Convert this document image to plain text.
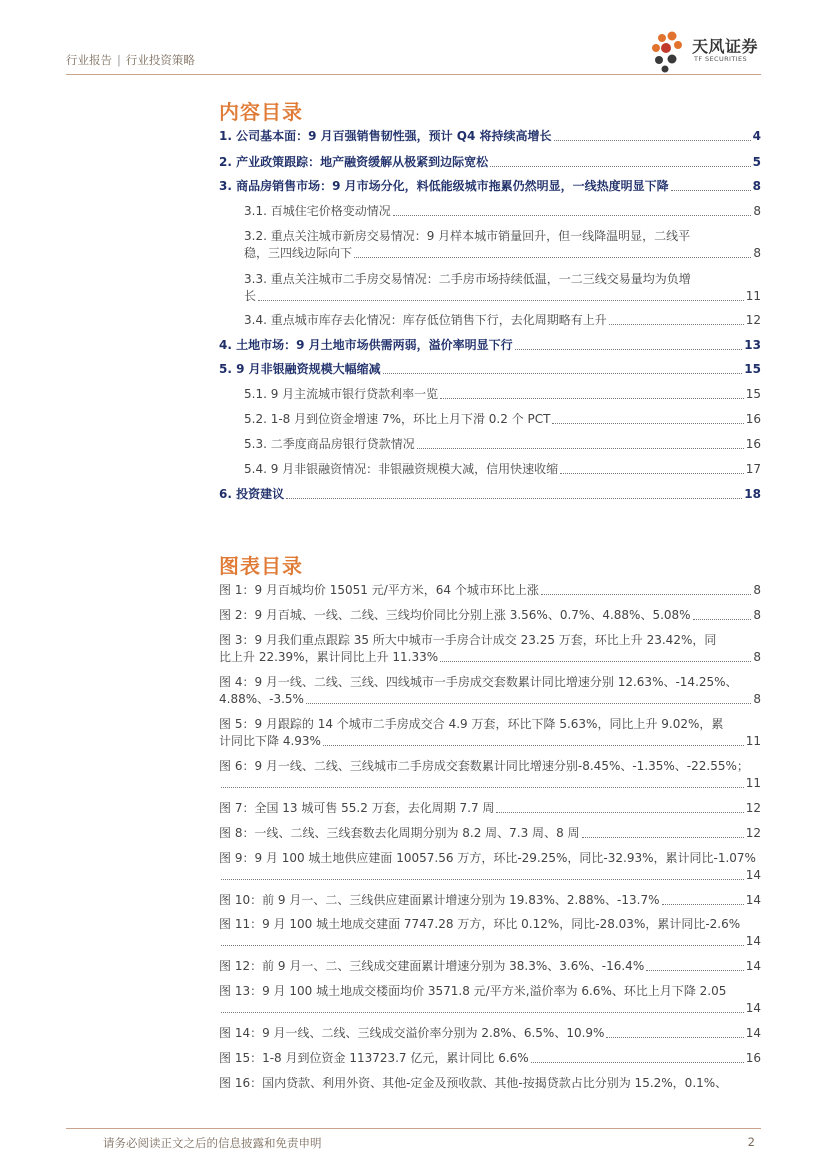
行业报告 | 行业投资策略
天风证券
TF SECURITIES
内容目录
1. 公司基本面：9 月百强销售韧性强，预计 Q4 将持续高增长	4
2. 产业政策跟踪：地产融资缓解从极紧到边际宽松	5
3. 商品房销售市场：9 月市场分化，料低能级城市拖累仍然明显，一线热度明显下降	8
3.1. 百城住宅价格变动情况	8
3.2. 重点关注城市新房交易情况：9 月样本城市销量回升，但一线降温明显，二线平
稳，三四线边际向下	8
3.3. 重点关注城市二手房交易情况：二手房市场持续低温，一二三线交易量均为负增
长	11
3.4. 重点城市库存去化情况：库存低位销售下行，去化周期略有上升	12
4. 土地市场：9 月土地市场供需两弱，溢价率明显下行	13
5. 9 月非银融资规模大幅缩减	15
5.1. 9 月主流城市银行贷款利率一览	15
5.2. 1-8 月到位资金增速 7%，环比上月下滑 0.2 个 PCT	16
5.3. 二季度商品房银行贷款情况	16
5.4. 9 月非银融资情况：非银融资规模大减，信用快速收缩	17
6. 投资建议	18
图表目录
图 1：9 月百城均价 15051 元/平方米，64 个城市环比上涨	8
图 2：9 月百城、一线、二线、三线均价同比分别上涨 3.56%、0.7%、4.88%、5.08%	8
图 3：9 月我们重点跟踪 35 所大中城市一手房合计成交 23.25 万套，环比上升 23.42%，同
比上升 22.39%，累计同比上升 11.33%	8
图 4：9 月一线、二线、三线、四线城市一手房成交套数累计同比增速分别 12.63%、-14.25%、
4.88%、-3.5%	8
图 5：9 月跟踪的 14 个城市二手房成交合 4.9 万套，环比下降 5.63%，同比上升 9.02%，累
计同比下降 4.93%	11
图 6：9 月一线、二线、三线城市二手房成交套数累计同比增速分别-8.45%、-1.35%、-22.55%；
11
图 7：全国 13 城可售 55.2 万套，去化周期 7.7 周	12
图 8：一线、二线、三线套数去化周期分别为 8.2 周、7.3 周、8 周	12
图 9：9 月 100 城土地供应建面 10057.56 万方，环比-29.25%，同比-32.93%，累计同比-1.07%
14
图 10：前 9 月一、二、三线供应建面累计增速分别为 19.83%、2.88%、-13.7%	14
图 11：9 月 100 城土地成交建面 7747.28 万方，环比 0.12%，同比-28.03%，累计同比-2.6%
14
图 12：前 9 月一、二、三线成交建面累计增速分别为 38.3%、3.6%、-16.4%	14
图 13：9 月 100 城土地成交楼面均价 3571.8 元/平方米,溢价率为 6.6%、环比上月下降 2.05
14
图 14：9 月一线、二线、三线成交溢价率分别为 2.8%、6.5%、10.9%	14
图 15：1-8 月到位资金 113723.7 亿元，累计同比 6.6%	16
图 16：国内贷款、利用外资、其他-定金及预收款、其他-按揭贷款占比分别为 15.2%，0.1%、
请务必阅读正文之后的信息披露和免责申明	2
